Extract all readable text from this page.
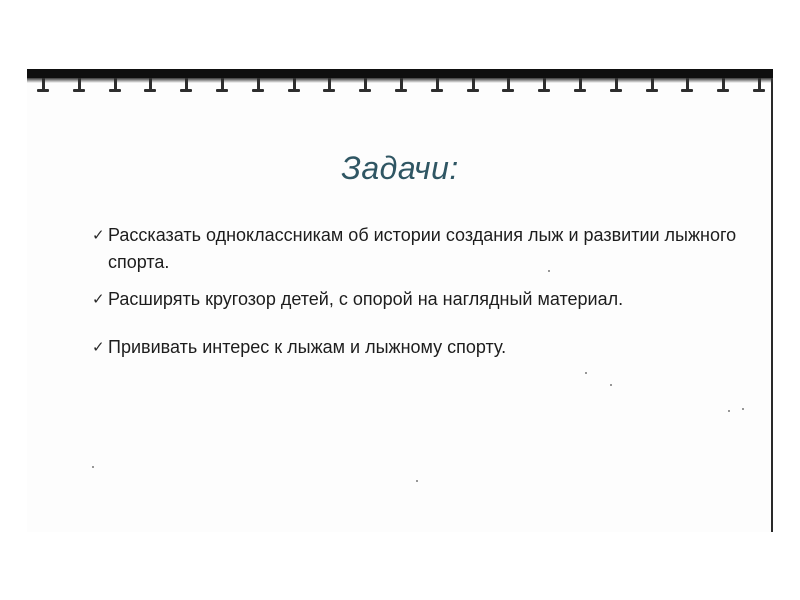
Задачи:
✓ Рассказать одноклассникам об истории создания лыж и развитии лыжного спорта.
✓ Расширять кругозор детей, с опорой на наглядный материал.
✓ Прививать интерес к лыжам и лыжному спорту.
